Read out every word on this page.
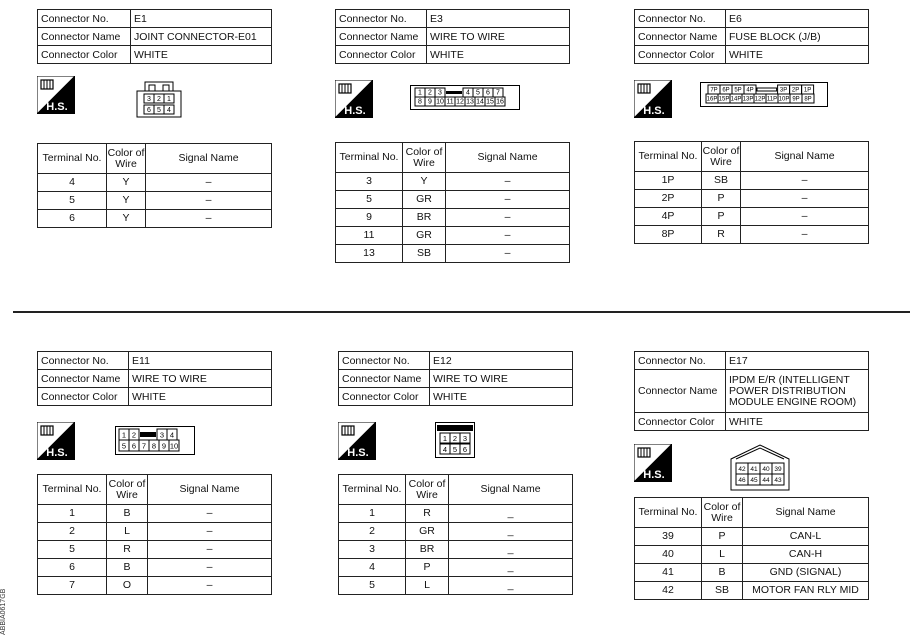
Connector No.	E1
Connector Name	JOINT CONNECTOR-E01
Connector Color	WHITE
H.S.
3 2 1
6 5 4
Terminal No.	Color of Wire	Signal Name
4	Y	–
5	Y	–
6	Y	–
Connector No.	E3
Connector Name	WIRE TO WIRE
Connector Color	WHITE
H.S.
1 2 3	4 5 6 7
8 9 10 11 12 13 14 15 16
Terminal No.	Color of Wire	Signal Name
3	Y	–
5	GR	–
9	BR	–
11	GR	–
13	SB	–
Connector No.	E6
Connector Name	FUSE BLOCK (J/B)
Connector Color	WHITE
H.S.
7P 6P 5P 4P	3P 2P 1P
16P 15P 14P 13P 12P 11P 10P 9P 8P
Terminal No.	Color of Wire	Signal Name
1P	SB	–
2P	P	–
4P	P	–
8P	R	–
Connector No.	E11
Connector Name	WIRE TO WIRE
Connector Color	WHITE
H.S.
1 2	3 4
5 6 7 8 9 10
Terminal No.	Color of Wire	Signal Name
1	B	–
2	L	–
5	R	–
6	B	–
7	O	–
Connector No.	E12
Connector Name	WIRE TO WIRE
Connector Color	WHITE
H.S.
1 2 3
4 5 6
Terminal No.	Color of Wire	Signal Name
1	R	_
2	GR	_
3	BR	_
4	P	_
5	L	_
Connector No.	E17
Connector Name	IPDM E/R (INTELLIGENT POWER DISTRIBUTION MODULE ENGINE ROOM)
Connector Color	WHITE
H.S.	42 41 40 39
46 45 44 43
Terminal No.	Color of Wire	Signal Name
39	P	CAN-L
40	L	CAN-H
41	B	GND (SIGNAL)
42	SB	MOTOR FAN RLY MID
ABBIA0617GB
